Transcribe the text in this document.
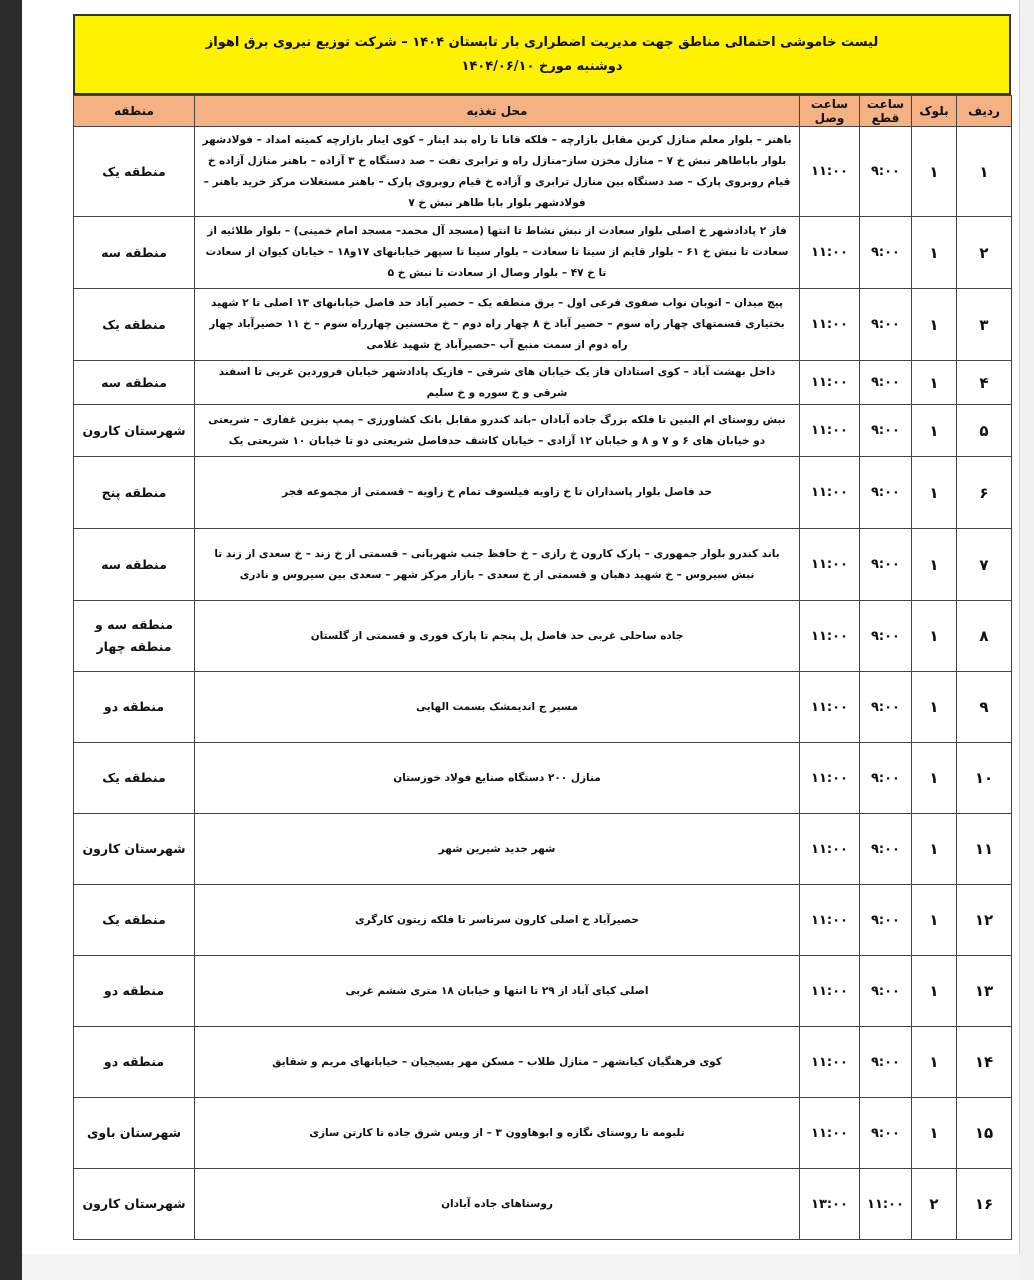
لیست خاموشی احتمالی مناطق جهت مدیریت اضطراری بار تابستان ۱۴۰۴ – شرکت توزیع نیروی برق اهواز
دوشنبه مورخ ۱۴۰۴/۰۶/۱۰
ردیف	بلوک	ساعت قطع	ساعت وصل	محل تغذیه	منطقه
۱	۱	۹:۰۰	۱۱:۰۰	باهنر – بلوار معلم منازل کربن مقابل بازارچه – فلکه قانا تا راه بند اینار – کوی اینار بازارچه کمیته امداد – فولادشهر بلوار باباطاهر نبش خ ۷ – منازل مخزن ساز–منازل راه و ترابری نفت – صد دستگاه خ ۳ آزاده – باهنر منازل آزاده خ قیام روبروی پارک – صد دستگاه بین منازل ترابری و آزاده خ قیام روبروی پارک – باهنر مستغلات مرکز خرید باهنر – فولادشهر بلوار بابا طاهر نبش خ ۷	منطقه یک
۲	۱	۹:۰۰	۱۱:۰۰	فاز ۲ پادادشهر خ اصلی بلوار سعادت از نبش نشاط تا انتها (مسجد آل محمد– مسجد امام خمینی) – بلوار طلائیه از سعادت تا نبش خ ۶۱ – بلوار قایم از سینا تا سعادت – بلوار سینا تا سپهر خیابانهای ۱۷و۱۸ – خیابان کیوان از سعادت تا خ ۴۷ – بلوار وصال از سعادت تا نبش خ ۵	منطقه سه
۳	۱	۹:۰۰	۱۱:۰۰	پیچ میدان – اتوبان نواب صفوی فرعی اول – برق منطقه یک – حصیر آباد حد فاصل خیابانهای ۱۳ اصلی تا ۲ شهید بختیاری قسمتهای چهار راه سوم – حصیر آباد خ ۸ چهار راه دوم – خ محسنین چهارراه سوم – خ ۱۱ حصیرآباد چهار راه دوم از سمت منبع آب –حصیرآباد خ شهید غلامی	منطقه یک
۴	۱	۹:۰۰	۱۱:۰۰	داخل بهشت آباد – کوی استادان فاز یک خیابان های شرقی – فازیک پادادشهر خیابان فروردین غربی تا اسفند شرقی و خ سوره و خ سلیم	منطقه سه
۵	۱	۹:۰۰	۱۱:۰۰	نبش روستای ام البنین تا فلکه بزرگ جاده آبادان –باند کندرو مقابل بانک کشاورزی – پمپ بنزین غفاری – شریعتی دو خیابان های ۶ و ۷ و ۸ و خیابان ۱۲ آزادی – خیابان کاشف حدفاصل شریعتی دو تا خیابان ۱۰ شریعتی یک	شهرستان کارون
۶	۱	۹:۰۰	۱۱:۰۰	حد فاصل بلوار پاسداران تا خ زاویه فیلسوف تمام خ زاویه – قسمتی از مجموعه فجر	منطقه پنج
۷	۱	۹:۰۰	۱۱:۰۰	باند کندرو بلوار جمهوری – پارک کارون خ رازی – خ حافظ جنب شهربانی – قسمتی از خ زند – خ سعدی از زند تا نبش سیروس – خ شهید دهبان و قسمتی از خ سعدی – بازار مرکز شهر – سعدی بین سیروس و نادری	منطقه سه
۸	۱	۹:۰۰	۱۱:۰۰	جاده ساحلی غربی حد فاصل پل پنجم تا پارک فوری و قسمتی از گلستان	منطقه سه و منطقه چهار
۹	۱	۹:۰۰	۱۱:۰۰	مسیر ج اندیمشک بسمت الهایی	منطقه دو
۱۰	۱	۹:۰۰	۱۱:۰۰	منازل ۲۰۰ دستگاه صنایع فولاد خوزستان	منطقه یک
۱۱	۱	۹:۰۰	۱۱:۰۰	شهر جدید شیرین شهر	شهرستان کارون
۱۲	۱	۹:۰۰	۱۱:۰۰	حصیرآباد خ اصلی کارون سرتاسر تا فلکه زیتون کارگری	منطقه یک
۱۳	۱	۹:۰۰	۱۱:۰۰	اصلی کیای آباد از ۲۹ تا انتها و خیابان ۱۸ متری ششم غربی	منطقه دو
۱۴	۱	۹:۰۰	۱۱:۰۰	کوی فرهنگیان کیانشهر – منازل طلاب – مسکن مهر بسیجیان – خیابانهای مریم و شقایق	منطقه دو
۱۵	۱	۹:۰۰	۱۱:۰۰	تلبومه تا روستای نگازه و ابوهاوون ۳ – از ویس شرق جاده تا کارتن سازی	شهرستان باوی
۱۶	۲	۱۱:۰۰	۱۳:۰۰	روستاهای جاده آبادان	شهرستان کارون
